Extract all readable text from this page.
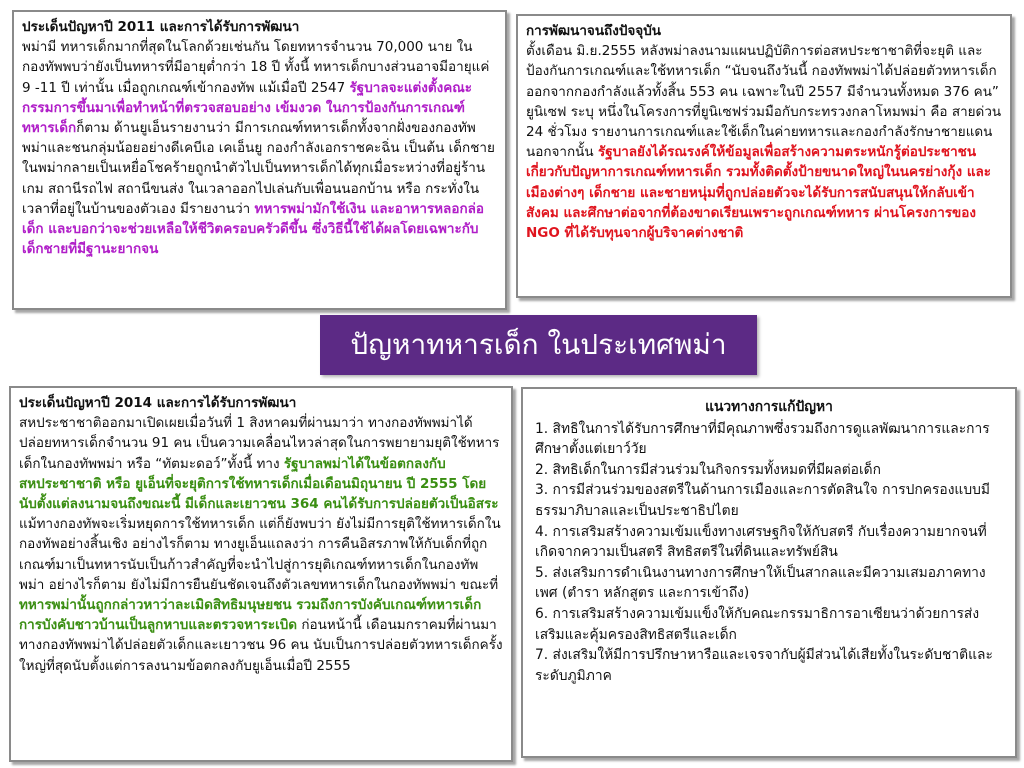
ประเด็นปัญหาปี 2011 และการได้รับการพัฒนา
พม่ามี ทหารเด็กมากที่สุดในโลกด้วยเช่นกัน โดยทหารจำนวน 70,000 นาย ในกองทัพพบว่ายังเป็นทหารที่มีอายุต่ำกว่า 18 ปี ทั้งนี้ ทหารเด็กบางส่วนอาจมีอายุแค่ 9 -11 ปี เท่านั้น เมื่อถูกเกณฑ์เข้ากองทัพ แม้เมื่อปี 2547 รัฐบาลจะแต่งตั้งคณะกรรมการขึ้นมาเพื่อทำหน้าที่ตรวจสอบอย่าง เข้มงวด ในการป้องกันการเกณฑ์ทหารเด็กก็ตาม ด้านยูเอ็นรายงานว่า มีการเกณฑ์ทหารเด็กทั้งจากฝั่งของกองทัพพม่าและชนกลุ่มน้อยอย่างดีเคบีเอ เคเอ็นยู กองกำลังเอกราชคะฉิ่น เป็นต้น เด็กชาย ในพม่ากลายเป็นเหยื่อโชคร้ายถูกนำตัวไปเป็นทหารเด็กได้ทุกเมื่อระหว่างที่อยู่ร้านเกม สถานีรถไฟ สถานีขนส่ง ในเวลาออกไปเล่นกับเพื่อนนอกบ้าน หรือ กระทั่งในเวลาที่อยู่ในบ้านของตัวเอง มีรายงานว่า ทหารพม่ามักใช้เงิน และอาหารหลอกล่อเด็ก และบอกว่าจะช่วยเหลือให้ชีวิตครอบครัวดีขึ้น ซึ่งวิธีนี้ใช้ได้ผลโดยเฉพาะกับเด็กชายที่มีฐานะยากจน
การพัฒนาจนถึงปัจจุบัน
ตั้งเดือน มิ.ย.2555 หลังพม่าลงนามแผนปฏิบัติการต่อสหประชาชาติที่จะยุติ และป้องกันการเกณฑ์และใช้ทหารเด็ก “นับจนถึงวันนี้ กองทัพพม่าได้ปล่อยตัวทหารเด็กออกจากกองกำลังแล้วทั้งสิ้น 553 คน เฉพาะในปี 2557 มีจำนวนทั้งหมด 376 คน” ยูนิเซฟ ระบุ หนึ่งในโครงการที่ยูนิเซฟร่วมมือกับกระทรวงกลาโหมพม่า คือ สายด่วน 24 ชั่วโมง รายงานการเกณฑ์และใช้เด็กในค่ายทหารและกองกำลังรักษาชายแดน นอกจากนั้น รัฐบาลยังได้รณรงค์ให้ข้อมูลเพื่อสร้างความตระหนักรู้ต่อประชาชนเกี่ยวกับปัญหาการเกณฑ์ทหารเด็ก รวมทั้งติดตั้งป้ายขนาดใหญ่ในนครย่างกุ้ง และเมืองต่างๆ เด็กชาย และชายหนุ่มที่ถูกปล่อยตัวจะได้รับการสนับสนุนให้กลับเข้าสังคม และศึกษาต่อจากที่ต้องขาดเรียนเพราะถูกเกณฑ์ทหาร ผ่านโครงการของ NGO ที่ได้รับทุนจากผู้บริจาคต่างชาติ
ปัญหาทหารเด็ก ในประเทศพม่า
ประเด็นปัญหาปี 2014 และการได้รับการพัฒนา
สหประชาชาติออกมาเปิดเผยเมื่อวันที่ 1 สิงหาคมที่ผ่านมาว่า ทางกองทัพพม่าได้ปล่อยทหารเด็กจำนวน 91 คน เป็นความเคลื่อนไหวล่าสุดในการพยายามยุติใช้ทหารเด็กในกองทัพพม่า หรือ “ทัตมะดอว์”ทั้งนี้ ทาง รัฐบาลพม่าได้ในข้อตกลงกับสหประชาชาติ หรือ ยูเอ็นที่จะยุติการใช้ทหารเด็กเมื่อเดือนมิถุนายน ปี 2555 โดยนับตั้งแต่ลงนามจนถึงขณะนี้ มีเด็กและเยาวชน 364 คนได้รับการปล่อยตัวเป็นอิสระ แม้ทางกองทัพจะเริ่มหยุดการใช้ทหารเด็ก แต่ก็ยังพบว่า ยังไม่มีการยุติใช้ทหารเด็กในกองทัพอย่างสิ้นเชิง อย่างไรก็ตาม ทางยูเอ็นแถลงว่า การคืนอิสรภาพให้กับเด็กที่ถูกเกณฑ์มาเป็นทหารนับเป็นก้าวสำคัญที่จะนำไปสู่การยุติเกณฑ์ทหารเด็กในกองทัพพม่า อย่างไรก็ตาม ยังไม่มีการยืนยันชัดเจนถึงตัวเลขทหารเด็กในกองทัพพม่า ขณะที่ทหารพม่านั้นถูกกล่าวหาว่าละเมิดสิทธิมนุษยชน รวมถึงการบังคับเกณฑ์ทหารเด็ก การบังคับชาวบ้านเป็นลูกหาบและตรวจหาระเบิด ก่อนหน้านี้ เดือนมกราคมที่ผ่านมา ทางกองทัพพม่าได้ปล่อยตัวเด็กและเยาวชน 96 คน นับเป็นการปล่อยตัวทหารเด็กครั้งใหญ่ที่สุดนับตั้งแต่การลงนามข้อตกลงกับยูเอ็นเมื่อปี 2555
แนวทางการแก้ปัญหา
1. สิทธิในการได้รับการศึกษาที่มีคุณภาพซึ่งรวมถึงการดูแลพัฒนาการและการศึกษาตั้งแต่เยาว์วัย
2. สิทธิเด็กในการมีส่วนร่วมในกิจกรรมทั้งหมดที่มีผลต่อเด็ก
3. การมีส่วนร่วมของสตรีในด้านการเมืองและการตัดสินใจ การปกครองแบบมีธรรมาภิบาลและเป็นประชาธิปไตย
4. การเสริมสร้างความเข้มแข็งทางเศรษฐกิจให้กับสตรี กับเรื่องความยากจนที่เกิดจากความเป็นสตรี สิทธิสตรีในที่ดินและทรัพย์สิน
5. ส่งเสริมการดำเนินงานทางการศึกษาให้เป็นสากลและมีความเสมอภาคทางเพศ (ตำรา หลักสูตร และการเข้าถึง)
6. การเสริมสร้างความเข้มแข็งให้กับคณะกรรมาธิการอาเซียนว่าด้วยการส่งเสริมและคุ้มครองสิทธิสตรีและเด็ก
7. ส่งเสริมให้มีการปรึกษาหารือและเจรจากับผู้มีส่วนได้เสียทั้งในระดับชาติและระดับภูมิภาค
